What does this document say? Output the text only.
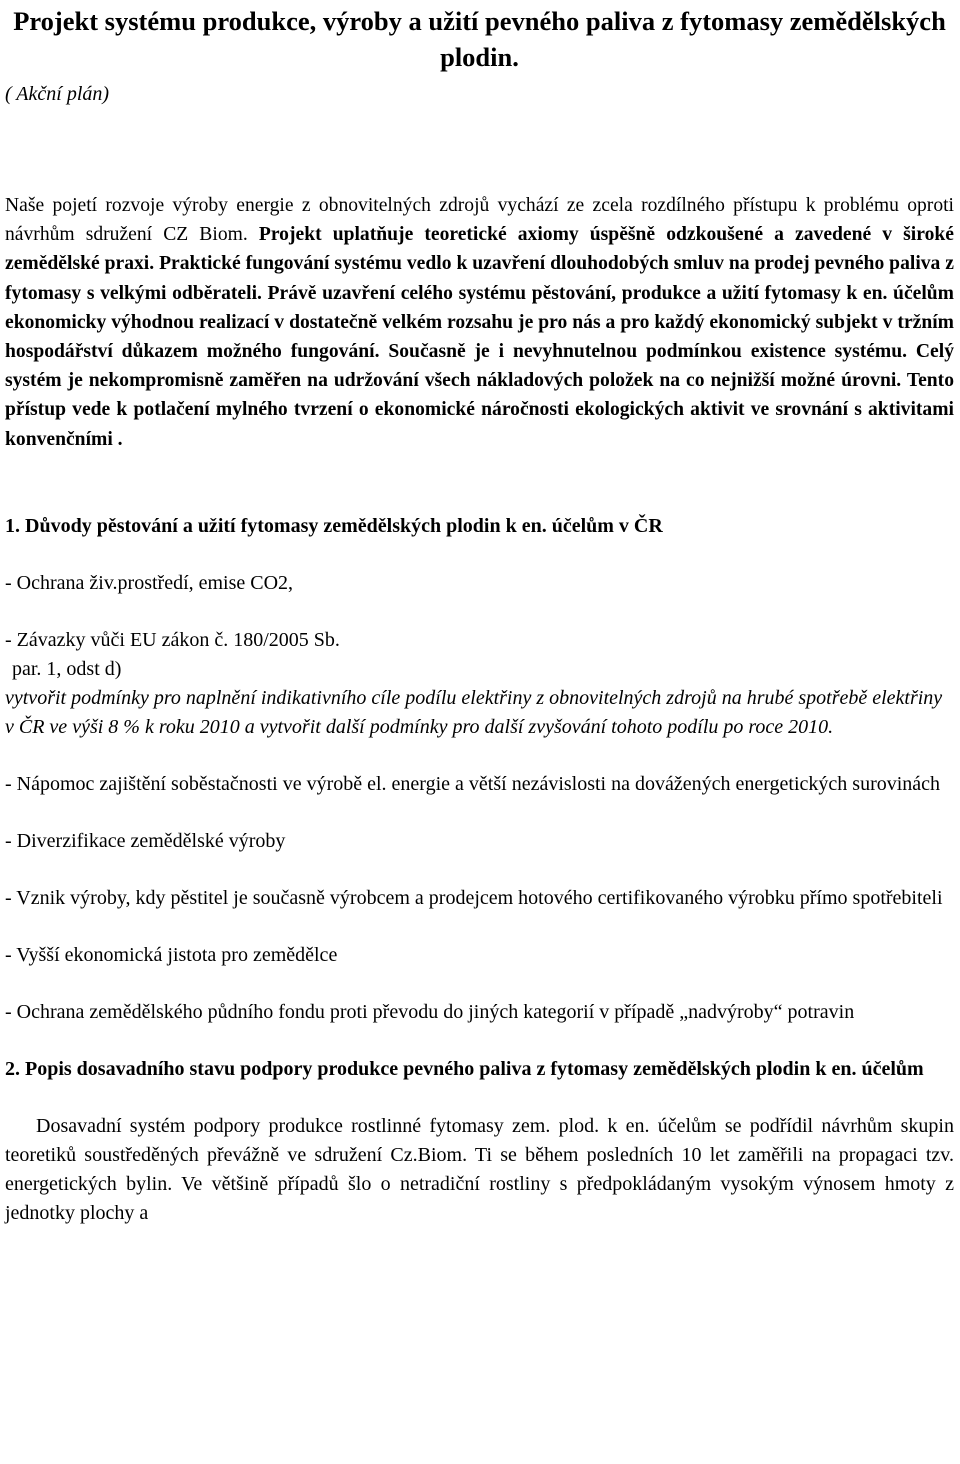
Projekt systému produkce, výroby a užití pevného paliva z fytomasy zemědělských plodin.
( Akční plán)
Naše pojetí rozvoje výroby energie z obnovitelných zdrojů vychází ze zcela rozdílného přístupu k problému oproti návrhům sdružení CZ Biom. Projekt uplatňuje teoretické axiomy úspěšně odzkoušené a zavedené v široké zemědělské praxi. Praktické fungování systému vedlo k uzavření dlouhodobých smluv na prodej pevného paliva z fytomasy s velkými odběrateli. Právě uzavření celého systému pěstování, produkce a užití fytomasy k en. účelům ekonomicky výhodnou realizací v dostatečně velkém rozsahu je pro nás a pro každý ekonomický subjekt v tržním hospodářství důkazem možného fungování. Současně je i nevyhnutelnou podmínkou existence systému. Celý systém je nekompromisně zaměřen na udržování všech nákladových položek na co nejnižší možné úrovni. Tento přístup vede k potlačení mylného tvrzení o ekonomické náročnosti ekologických aktivit ve srovnání s aktivitami konvenčními .

1. Důvody pěstování a užití fytomasy zemědělských plodin k en. účelům v ČR

- Ochrana živ.prostředí, emise CO2,

- Závazky vůči EU zákon č. 180/2005 Sb.

par. 1, odst d)

vytvořit podmínky pro naplnění indikativního cíle podílu elektřiny z obnovitelných zdrojů na hrubé spotřebě elektřiny v ČR ve výši 8 % k roku 2010 a vytvořit další podmínky pro další zvyšování tohoto podílu po roce 2010.

- Nápomoc zajištění soběstačnosti ve výrobě el. energie a větší nezávislosti na dovážených energetických surovinách

- Diverzifikace zemědělské výroby

- Vznik výroby, kdy pěstitel je současně výrobcem a prodejcem hotového certifikovaného výrobku přímo spotřebiteli

- Vyšší ekonomická jistota pro zemědělce

- Ochrana zemědělského půdního fondu proti převodu do jiných kategorií v případě „nadvýroby“ potravin

2. Popis dosavadního stavu podpory produkce pevného paliva z fytomasy zemědělských plodin k en. účelům

Dosavadní systém podpory produkce rostlinné fytomasy zem. plod. k en. účelům se podřídil návrhům skupin teoretiků soustředěných převážně ve sdružení Cz.Biom. Ti se během posledních 10 let zaměřili na propagaci tzv. energetických bylin. Ve většině případů šlo o netradiční rostliny s předpokládaným vysokým výnosem hmoty z jednotky plochy a
